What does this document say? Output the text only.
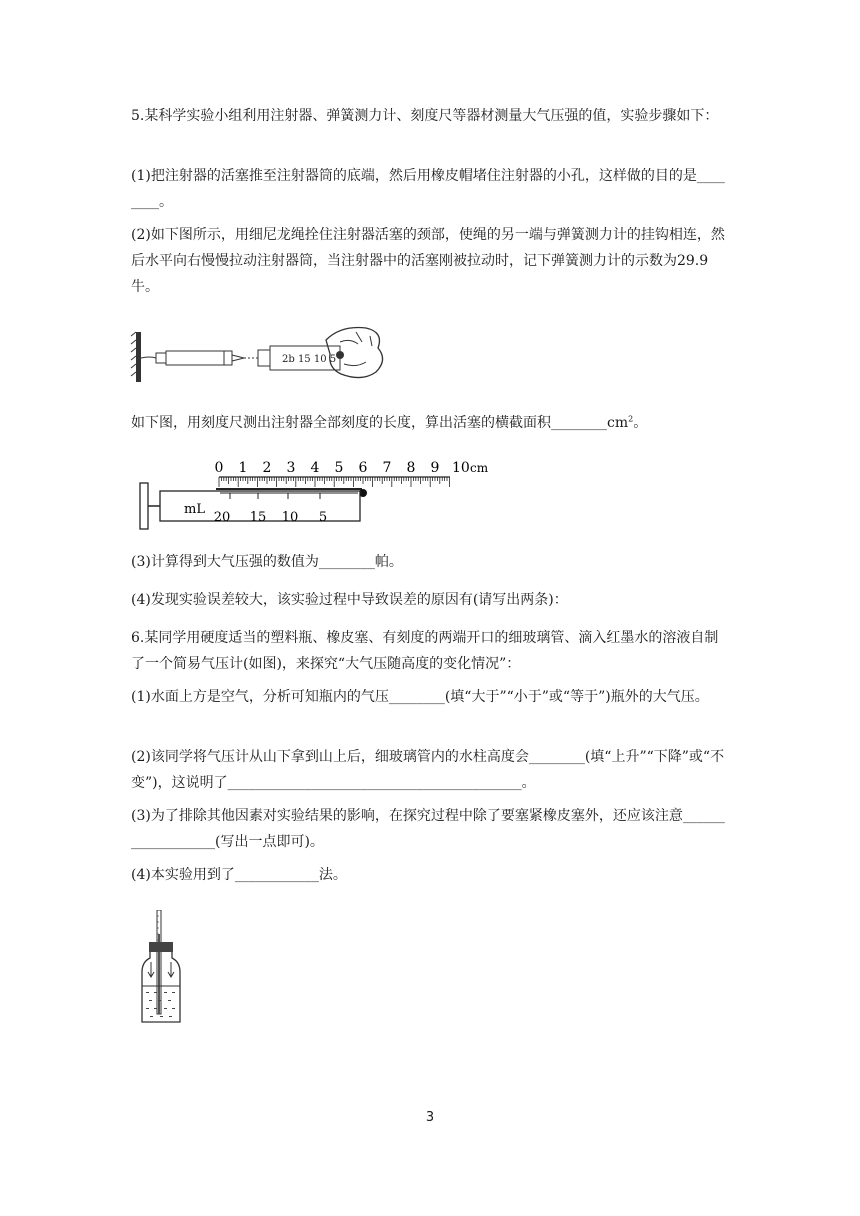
5.某科学实验小组利用注射器、弹簧测力计、刻度尺等器材测量大气压强的值，实验步骤如下：

(1)把注射器的活塞推至注射器筒的底端，然后用橡皮帽堵住注射器的小孔，这样做的目的是________。

(2)如下图所示，用细尼龙绳拴住注射器活塞的颈部，使绳的另一端与弹簧测力计的挂钩相连，然后水平向右慢慢拉动注射器筒，当注射器中的活塞刚被拉动时，记下弹簧测力计的示数为29.9牛。

2b 15 10 5

如下图，用刻度尺测出注射器全部刻度的长度，算出活塞的横截面积$\_\_\_\_\_\_\_\_cm^2$。

0 1 2 3 4 5 6 7 8 9 10 cm
mL
20 15 10 5

(3)计算得到大气压强的数值为________帕。

(4)发现实验误差较大，该实验过程中导致误差的原因有(请写出两条)：

6.某同学用硬度适当的塑料瓶、橡皮塞、有刻度的两端开口的细玻璃管、滴入红墨水的溶液自制了一个简易气压计(如图)，来探究“大气压随高度的变化情况”：

(1)水面上方是空气，分析可知瓶内的气压________(填“大于”“小于”或“等于”)瓶外的大气压。

(2)该同学将气压计从山下拿到山上后，细玻璃管内的水柱高度会________(填“上升”“下降”或“不变”)，这说明了__________________________________________。

(3)为了排除其他因素对实验结果的影响，在探究过程中除了要塞紧橡皮塞外，还应该注意__________________(写出一点即可)。

(4)本实验用到了____________法。

3
